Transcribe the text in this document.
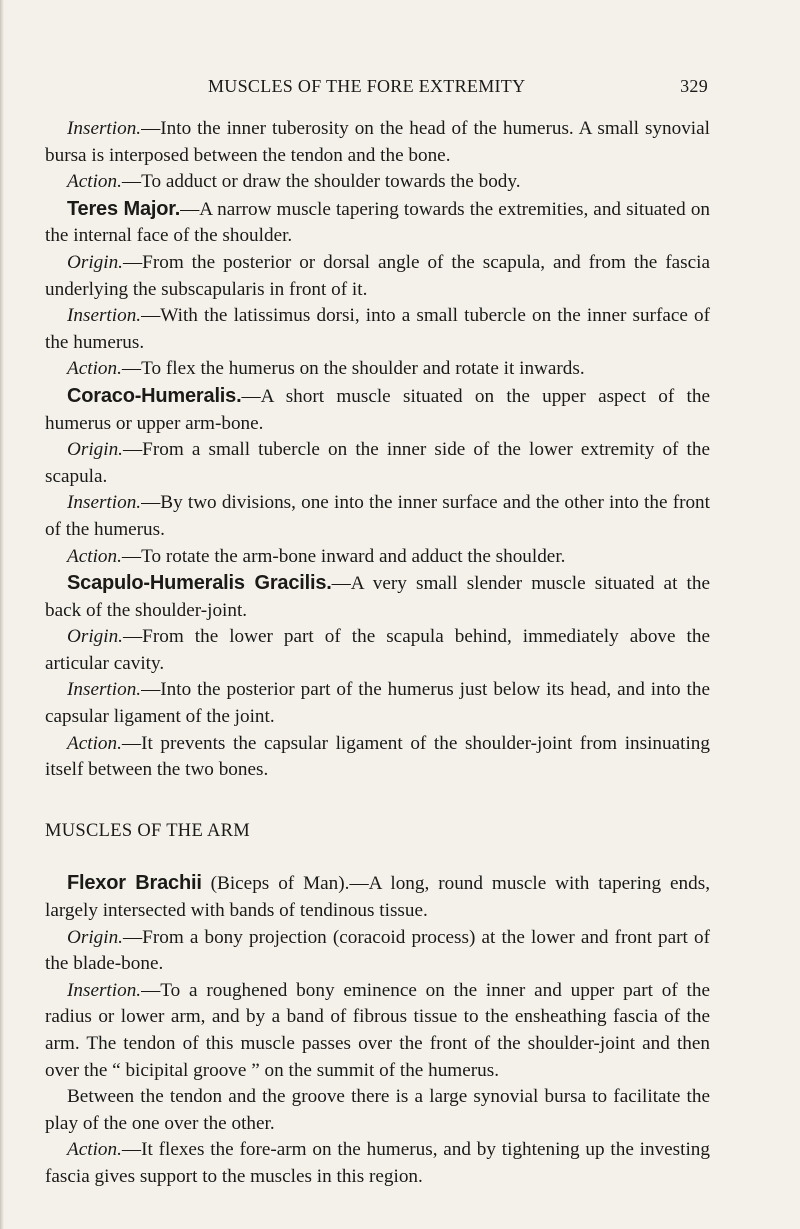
MUSCLES OF THE FORE EXTREMITY	329

Insertion.—Into the inner tuberosity on the head of the humerus. A small synovial bursa is interposed between the tendon and the bone.

Action.—To adduct or draw the shoulder towards the body.

Teres Major.—A narrow muscle tapering towards the extremities, and situated on the internal face of the shoulder.

Origin.—From the posterior or dorsal angle of the scapula, and from the fascia underlying the subscapularis in front of it.

Insertion.—With the latissimus dorsi, into a small tubercle on the inner surface of the humerus.

Action.—To flex the humerus on the shoulder and rotate it inwards.

Coraco-Humeralis.—A short muscle situated on the upper aspect of the humerus or upper arm-bone.

Origin.—From a small tubercle on the inner side of the lower extremity of the scapula.

Insertion.—By two divisions, one into the inner surface and the other into the front of the humerus.

Action.—To rotate the arm-bone inward and adduct the shoulder.

Scapulo-Humeralis Gracilis.—A very small slender muscle situated at the back of the shoulder-joint.

Origin.—From the lower part of the scapula behind, immediately above the articular cavity.

Insertion.—Into the posterior part of the humerus just below its head, and into the capsular ligament of the joint.

Action.—It prevents the capsular ligament of the shoulder-joint from insinuating itself between the two bones.

MUSCLES OF THE ARM

Flexor Brachii (Biceps of Man).—A long, round muscle with tapering ends, largely intersected with bands of tendinous tissue.

Origin.—From a bony projection (coracoid process) at the lower and front part of the blade-bone.

Insertion.—To a roughened bony eminence on the inner and upper part of the radius or lower arm, and by a band of fibrous tissue to the ensheathing fascia of the arm. The tendon of this muscle passes over the front of the shoulder-joint and then over the “ bicipital groove ” on the summit of the humerus.

Between the tendon and the groove there is a large synovial bursa to facilitate the play of the one over the other.

Action.—It flexes the fore-arm on the humerus, and by tightening up the investing fascia gives support to the muscles in this region.
